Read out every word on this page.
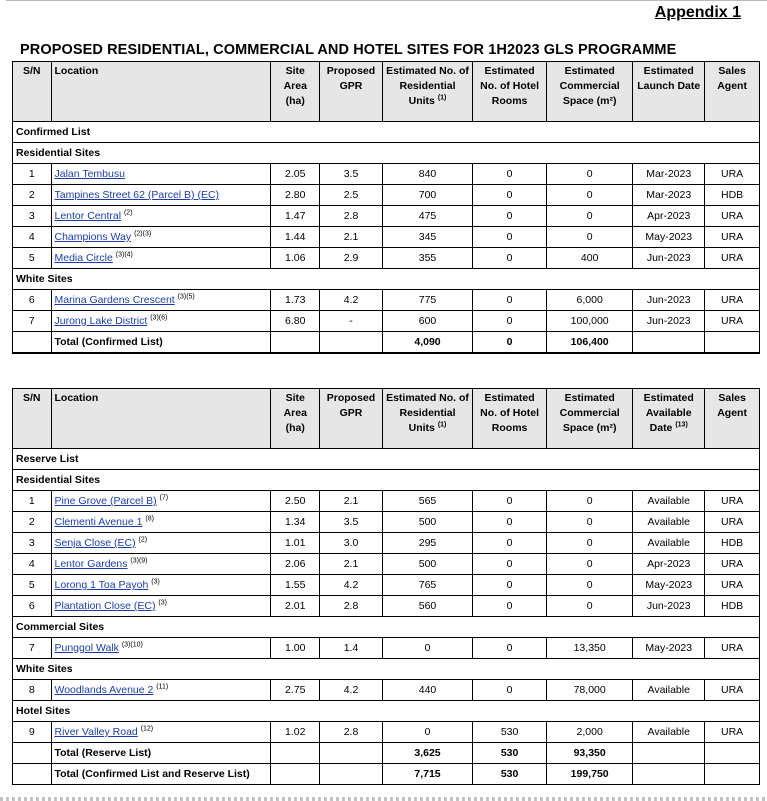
Appendix 1
PROPOSED RESIDENTIAL, COMMERCIAL AND HOTEL SITES FOR 1H2023 GLS PROGRAMME
S/N	Location	Site Area (ha)	Proposed GPR	Estimated No. of Residential Units $^{(1)}$	Estimated No. of Hotel Rooms	Estimated Commercial Space (m²)	Estimated Launch Date	Sales Agent
Confirmed List								
Residential Sites								
1	Jalan Tembusu	2.05	3.5	840	0	0	Mar-2023	URA
2	Tampines Street 62 (Parcel B) (EC)	2.80	2.5	700	0	0	Mar-2023	HDB
3	Lentor Central $^{(2)}$	1.47	2.8	475	0	0	Apr-2023	URA
4	Champions Way $^{(2)(3)}$	1.44	2.1	345	0	0	May-2023	URA
5	Media Circle $^{(3)(4)}$	1.06	2.9	355	0	400	Jun-2023	URA
White Sites								
6	Marina Gardens Crescent $^{(3)(5)}$	1.73	4.2	775	0	6,000	Jun-2023	URA
7	Jurong Lake District $^{(3)(6)}$	6.80	-	600	0	100,000	Jun-2023	URA
	Total (Confirmed List)			4,090	0	106,400		
S/N	Location	Site Area (ha)	Proposed GPR	Estimated No. of Residential Units $^{(1)}$	Estimated No. of Hotel Rooms	Estimated Commercial Space (m²)	Estimated Available Date $^{(13)}$	Sales Agent
Reserve List								
Residential Sites								
1	Pine Grove (Parcel B) $^{(7)}$	2.50	2.1	565	0	0	Available	URA
2	Clementi Avenue 1 $^{(8)}$	1.34	3.5	500	0	0	Available	URA
3	Senja Close (EC) $^{(2)}$	1.01	3.0	295	0	0	Available	HDB
4	Lentor Gardens $^{(3)(9)}$	2.06	2.1	500	0	0	Apr-2023	URA
5	Lorong 1 Toa Payoh $^{(3)}$	1.55	4.2	765	0	0	May-2023	URA
6	Plantation Close (EC) $^{(3)}$	2.01	2.8	560	0	0	Jun-2023	HDB
Commercial Sites								
7	Punggol Walk $^{(3)(10)}$	1.00	1.4	0	0	13,350	May-2023	URA
White Sites								
8	Woodlands Avenue 2 $^{(11)}$	2.75	4.2	440	0	78,000	Available	URA
Hotel Sites								
9	River Valley Road $^{(12)}$	1.02	2.8	0	530	2,000	Available	URA
	Total (Reserve List)			3,625	530	93,350		
	Total (Confirmed List and Reserve List)			7,715	530	199,750		
